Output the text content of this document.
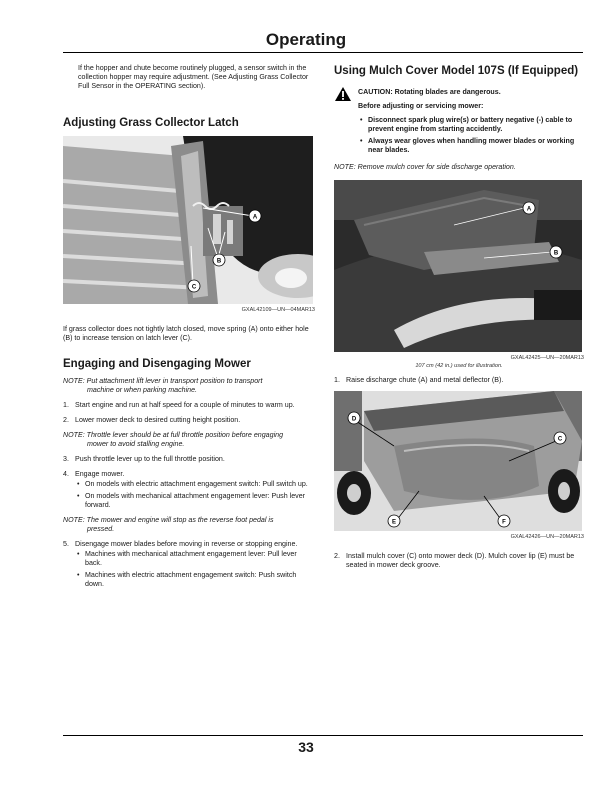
Operating

If the hopper and chute become routinely plugged, a sensor switch in the collection hopper may require adjustment. (See Adjusting Grass Collector Full Sensor in the OPERATING section).

Adjusting Grass Collector Latch
A
B
C
GXAL42109—UN—04MAR13

If grass collector does not tightly latch closed, move spring (A) onto either hole (B) to increase tension on latch lever (C).

Engaging and Disengaging Mower

NOTE: Put attachment lift lever in transport position to transport
machine or when parking machine.

1. Start engine and run at half speed for a couple of minutes to warm up.
2. Lower mower deck to desired cutting height position.

NOTE: Throttle lever should be at full throttle position before engaging
mower to avoid stalling engine.

3. Push throttle lever up to the full throttle position.
4. Engage mower.
• On models with electric attachment engagement switch: Pull switch up.
• On models with mechanical attachment engagement lever: Push lever forward.

NOTE: The mower and engine will stop as the reverse foot pedal is
pressed.

5. Disengage mower blades before moving in reverse or stopping engine.
• Machines with mechanical attachment engagement lever: Pull lever back.
• Machines with electric attachment engagement switch: Push switch down.
Using Mulch Cover Model 107S (If Equipped)

CAUTION: Rotating blades are dangerous.

Before adjusting or servicing mower:

• Disconnect spark plug wire(s) or battery negative (-) cable to prevent engine from starting accidently.
• Always wear gloves when handling mower blades or working near blades.

NOTE: Remove mulch cover for side discharge operation.

A
B
GXAL42425—UN—20MAR13
107 cm (42 in.) used for illustration.
1. Raise discharge chute (A) and metal deflector (B).
D
C
E	F
GXAL42426—UN—20MAR13
2. Install mulch cover (C) onto mower deck (D). Mulch cover lip (E) must be seated in mower deck groove.
33
